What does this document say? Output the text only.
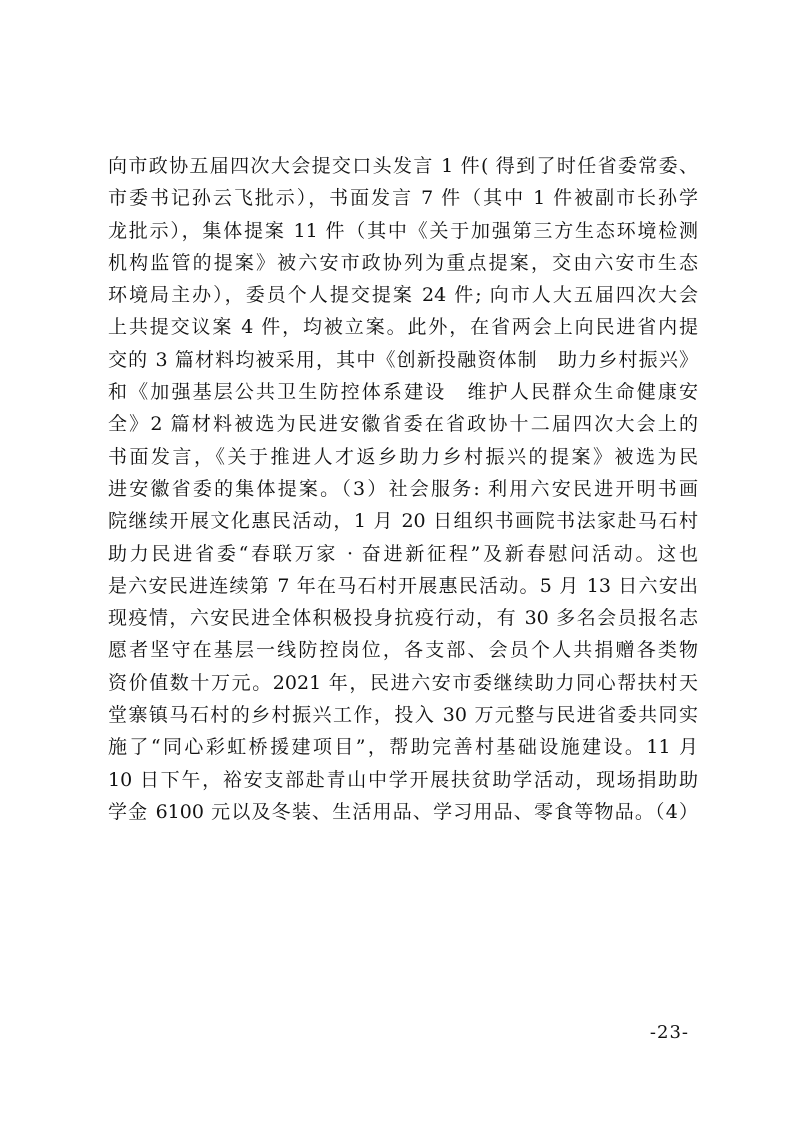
向市政协五届四次大会提交口头发言 1 件( 得到了时任省委常委、
市委书记孙云飞批示），书面发言 7 件（其中 1 件被副市长孙学
龙批示），集体提案 11 件（其中《关于加强第三方生态环境检测
机构监管的提案》被六安市政协列为重点提案，交由六安市生态
环境局主办），委员个人提交提案 24 件; 向市人大五届四次大会
上共提交议案 4 件，均被立案。此外，在省两会上向民进省内提
交的 3 篇材料均被采用，其中《创新投融资体制　助力乡村振兴》
和《加强基层公共卫生防控体系建设　维护人民群众生命健康安
全》2 篇材料被选为民进安徽省委在省政协十二届四次大会上的
书面发言，《关于推进人才返乡助力乡村振兴的提案》被选为民
进安徽省委的集体提案。（3）社会服务: 利用六安民进开明书画
院继续开展文化惠民活动，1 月 20 日组织书画院书法家赴马石村
助力民进省委“春联万家 · 奋进新征程”及新春慰问活动。这也
是六安民进连续第 7 年在马石村开展惠民活动。5 月 13 日六安出
现疫情，六安民进全体积极投身抗疫行动，有 30 多名会员报名志
愿者坚守在基层一线防控岗位，各支部、会员个人共捐赠各类物
资价值数十万元。2021 年，民进六安市委继续助力同心帮扶村天
堂寨镇马石村的乡村振兴工作，投入 30 万元整与民进省委共同实
施了“同心彩虹桥援建项目”，帮助完善村基础设施建设。11 月
10 日下午，裕安支部赴青山中学开展扶贫助学活动，现场捐助助
学金 6100 元以及冬装、生活用品、学习用品、零食等物品。（4）
-23-
